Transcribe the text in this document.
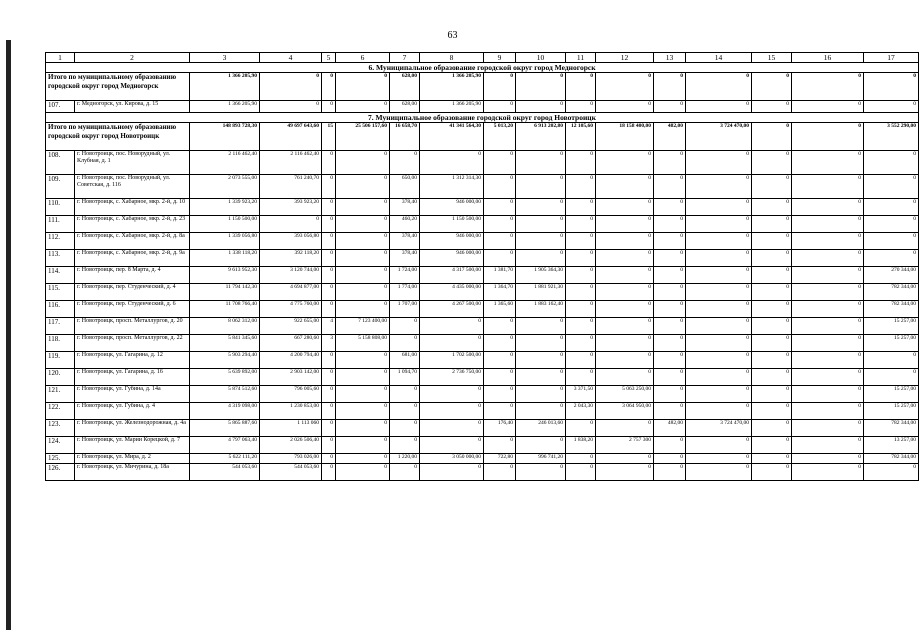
63
1	2	3	4	5	6	7	8	9	10	11	12	13	14	15	16	17
6. Муниципальное образование городской округ город Медногорск																
Итого по муниципальному образованию городской округ город Медногорск		1 366 205,90	0	0	0	628,00	1 366 205,90	0	0	0	0	0	0	0	0	0
107.	г. Медногорск, ул. Кирова, д. 15	1 366 205,90	0	0	0	628,00	1 366 205,90	0	0	0	0	0	0	0	0	0
7. Муниципальное образование городской округ город Новотроицк																
Итого по муниципальному образованию городской округ город Новотроицк		148 893 728,30	49 697 643,60	15	25 506 157,60	16 658,70	41 341 564,30	5 013,20	6 913 202,80	12 105,60	18 158 400,00	482,00	3 724 470,00	0	0	3 552 290,00
108.	г. Новотроицк, пос. Новорудный, ул. Клубная, д. 1	2 116 462,40	2 116 462,40	0	0	0	0	0	0	0	0	0	0	0	0	0
109.	г. Новотроицк, пос. Новорудный, ул. Советская, д. 116	2 073 555,00	761 240,70	0	0	650,00	1 312 314,30	0	0	0	0	0	0	0	0	0
110.	г. Новотроицк, с. Хабарное, мкр. 2-й, д. 10	1 339 923,20	393 923,20	0	0	378,40	946 000,00	0	0	0	0	0	0	0	0	0
111.	г. Новотроицк, с. Хабарное, мкр. 2-й, д. 23	1 150 500,00	0	0	0	460,20	1 150 500,00	0	0	0	0	0	0	0	0	0
112.	г. Новотроицк, с. Хабарное, мкр. 2-й, д. 8а	1 339 056,80	393 056,80	0	0	378,40	946 000,00	0	0	0	0	0	0	0	0	0
113.	г. Новотроицк, с. Хабарное, мкр. 2-й, д. 9а	1 338 118,20	392 118,20	0	0	378,40	946 000,00	0	0	0	0	0	0	0	0	0
114.	г. Новотроицк, пер. 8 Марта, д. 4	9 613 952,30	3 120 744,00	0	0	1 724,00	4 317 500,00	1 381,70	1 905 364,30	0	0	0	0	0	0	270 344,00
115.	г. Новотроицк, пер. Студенческий, д. 4	11 794 142,30	4 694 877,00	0	0	1 774,00	4 435 000,00	1 364,70	1 881 921,30	0	0	0	0	0	0	782 344,00
116.	г. Новотроицк, пер. Студенческий, д. 6	11 708 766,40	4 775 760,00	0	0	1 707,00	4 267 500,00	1 365,60	1 883 162,40	0	0	0	0	0	0	782 344,00
117.	г. Новотроицк, просп. Металлургов, д. 20	8 062 312,00	922 655,00	4	7 123 400,00	0	0	0	0	0	0	0	0	0	0	15 257,00
118.	г. Новотроицк, просп. Металлургов, д. 22	5 841 345,60	667 280,60	3	5 158 808,00	0	0	0	0	0	0	0	0	0	0	15 257,00
119.	г. Новотроицк, ул. Гагарина, д. 12	5 903 294,40	4 200 794,40	0	0	681,00	1 702 500,00	0	0	0	0	0	0	0	0	0
120.	г. Новотроицк, ул. Гагарина, д. 16	5 639 892,00	2 903 142,00	0	0	1 094,70	2 736 750,00	0	0	0	0	0	0	0	0	0
121.	г. Новотроицк, ул. Губина, д. 14а	5 874 512,60	796 005,60	0	0	0	0	0	0	3 371,50	5 063 250,00	0	0	0	0	15 257,00
122.	г. Новотроицк, ул. Губина, д. 4	4 319 098,00	1 230 853,00	0	0	0	0	0	0	2 043,30	3 064 950,00	0	0	0	0	15 257,00
123.	г. Новотроицк, ул. Железнодорожная, д. 4а	5 865 887,60	1 113 060	0	0	0	0	176,40	246 013,60	0	0	482,00	3 724 470,00	0	0	782 344,00
124.	г. Новотроицк, ул. Марии Корецкой, д. 7	4 797 063,40	2 026 506,40	0	0	0	0	0	0	1 838,20	2 757 300	0	0	0	0	13 257,00
125.	г. Новотроицк, ул. Мира, д. 2	5 622 111,20	793 026,00	0	0	1 220,00	3 050 000,00	722,80	996 741,20	0	0	0	0	0	0	782 344,00
126.	г. Новотроицк, ул. Мичурина, д. 18а	544 053,60	544 053,60	0	0	0	0	0	0	0	0	0	0	0	0	0
